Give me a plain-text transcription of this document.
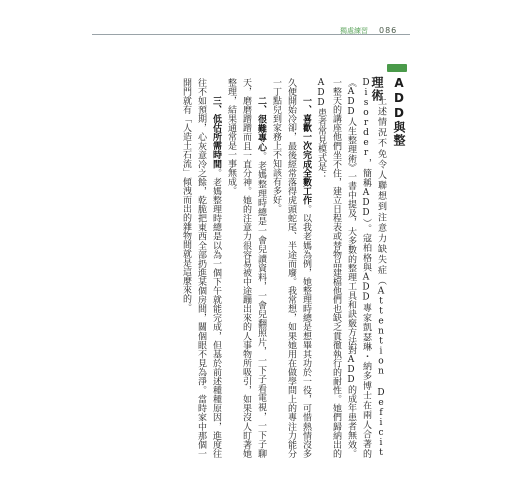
獨處練習 086
ADD與整理術

上述情況不免令人聯想到注意力缺失症（Attention Deficit Disorder，簡稱ADD）。寇柏格與ADD專家凱瑟琳・納多博士在兩人合著的《ADD人生整理術》一書中提及，大多數的整理工具和訣竅方法對ADD的成年患者無效。一整天的講座他們坐不住，建立日程表或替物品建檔他們也缺乏貫徹執行的耐性。她們歸納出的ADD患者常見模式是：

一、喜歡一次完成全數工作。以我老媽為例，她整理時總是想畢其功於一役，可惜熱情沒多久便開始冷卻，最後經常落得虎頭蛇尾、半途而廢。我常想，如果她用在做學問上的專注力能分一丁點兒到家務上不知該有多好。

二、很難專心。老媽整理時總是一會兒讀資料，一會兒翻照片，一下子看電視，一下子聊天，磨磨蹭蹭而且一直分神。她的注意力很容易被中途蹦出來的人事物所吸引，如果沒人盯著她整理，結果通常是一事無成。

三、低估所需時間。老媽整理時總是以為一個下午就能完成，但基於前述種種原因，進度往往不如預期，心灰意冷之餘，乾脆把東西全部扔進某個房間，關個眼不見為淨。當時家中那個一開門就有「人造土石流」傾洩而出的雜物間就是這麼來的。
